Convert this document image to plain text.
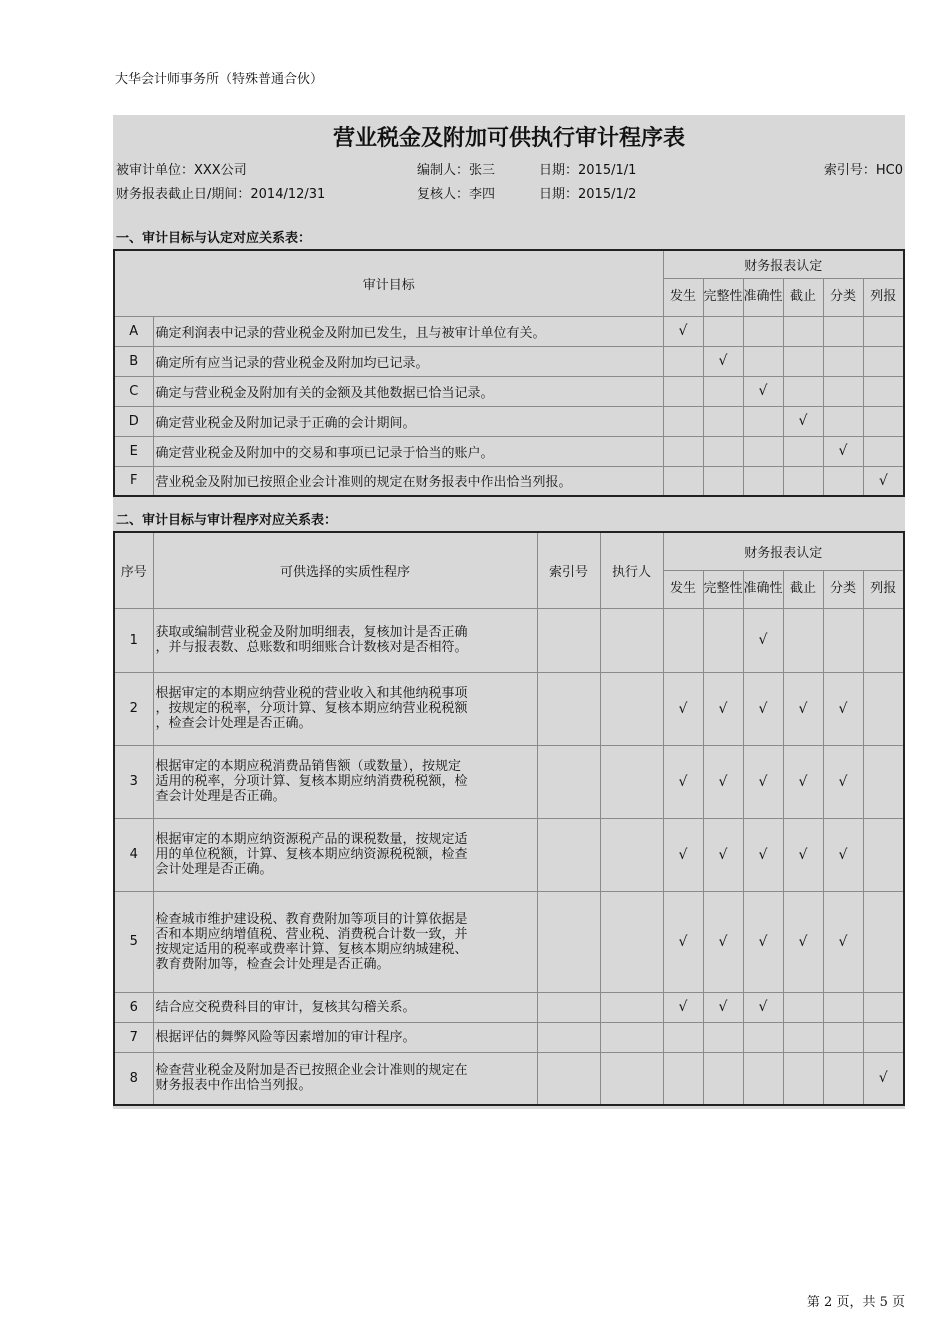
大华会计师事务所（特殊普通合伙）
营业税金及附加可供执行审计程序表
被审计单位：XXX公司	编制人：张三	日期：2015/1/1	索引号：HC0
财务报表截止日/期间：2014/12/31	复核人：李四	日期：2015/1/2
一、审计目标与认定对应关系表：
审计目标		财务报表认定					
		发生	完整性	准确性	截止	分类	列报
A	确定利润表中记录的营业税金及附加已发生，且与被审计单位有关。	√					
B	确定所有应当记录的营业税金及附加均已记录。		√				
C	确定与营业税金及附加有关的金额及其他数据已恰当记录。			√			
D	确定营业税金及附加记录于正确的会计期间。				√		
E	确定营业税金及附加中的交易和事项已记录于恰当的账户。					√	
F	营业税金及附加已按照企业会计准则的规定在财务报表中作出恰当列报。						√
二、审计目标与审计程序对应关系表：
序号	可供选择的实质性程序	索引号	执行人	财务报表认定					
				发生	完整性	准确性	截止	分类	列报
1	获取或编制营业税金及附加明细表，复核加计是否正确
，并与报表数、总账数和明细账合计数核对是否相符。					√			
2	根据审定的本期应纳营业税的营业收入和其他纳税事项
，按规定的税率，分项计算、复核本期应纳营业税税额
，检查会计处理是否正确。			√	√	√	√	√	
3	根据审定的本期应税消费品销售额（或数量），按规定
适用的税率，分项计算、复核本期应纳消费税税额，检
查会计处理是否正确。			√	√	√	√	√	
4	根据审定的本期应纳资源税产品的课税数量，按规定适
用的单位税额，计算、复核本期应纳资源税税额，检查
会计处理是否正确。			√	√	√	√	√	
5	检查城市维护建设税、教育费附加等项目的计算依据是
否和本期应纳增值税、营业税、消费税合计数一致，并
按规定适用的税率或费率计算、复核本期应纳城建税、
教育费附加等，检查会计处理是否正确。			√	√	√	√	√	
6	结合应交税费科目的审计，复核其勾稽关系。			√	√	√			
7	根据评估的舞弊风险等因素增加的审计程序。								

8	检查营业税金及附加是否已按照企业会计准则的规定在
财务报表中作出恰当列报。								√
第 2 页，共 5 页
